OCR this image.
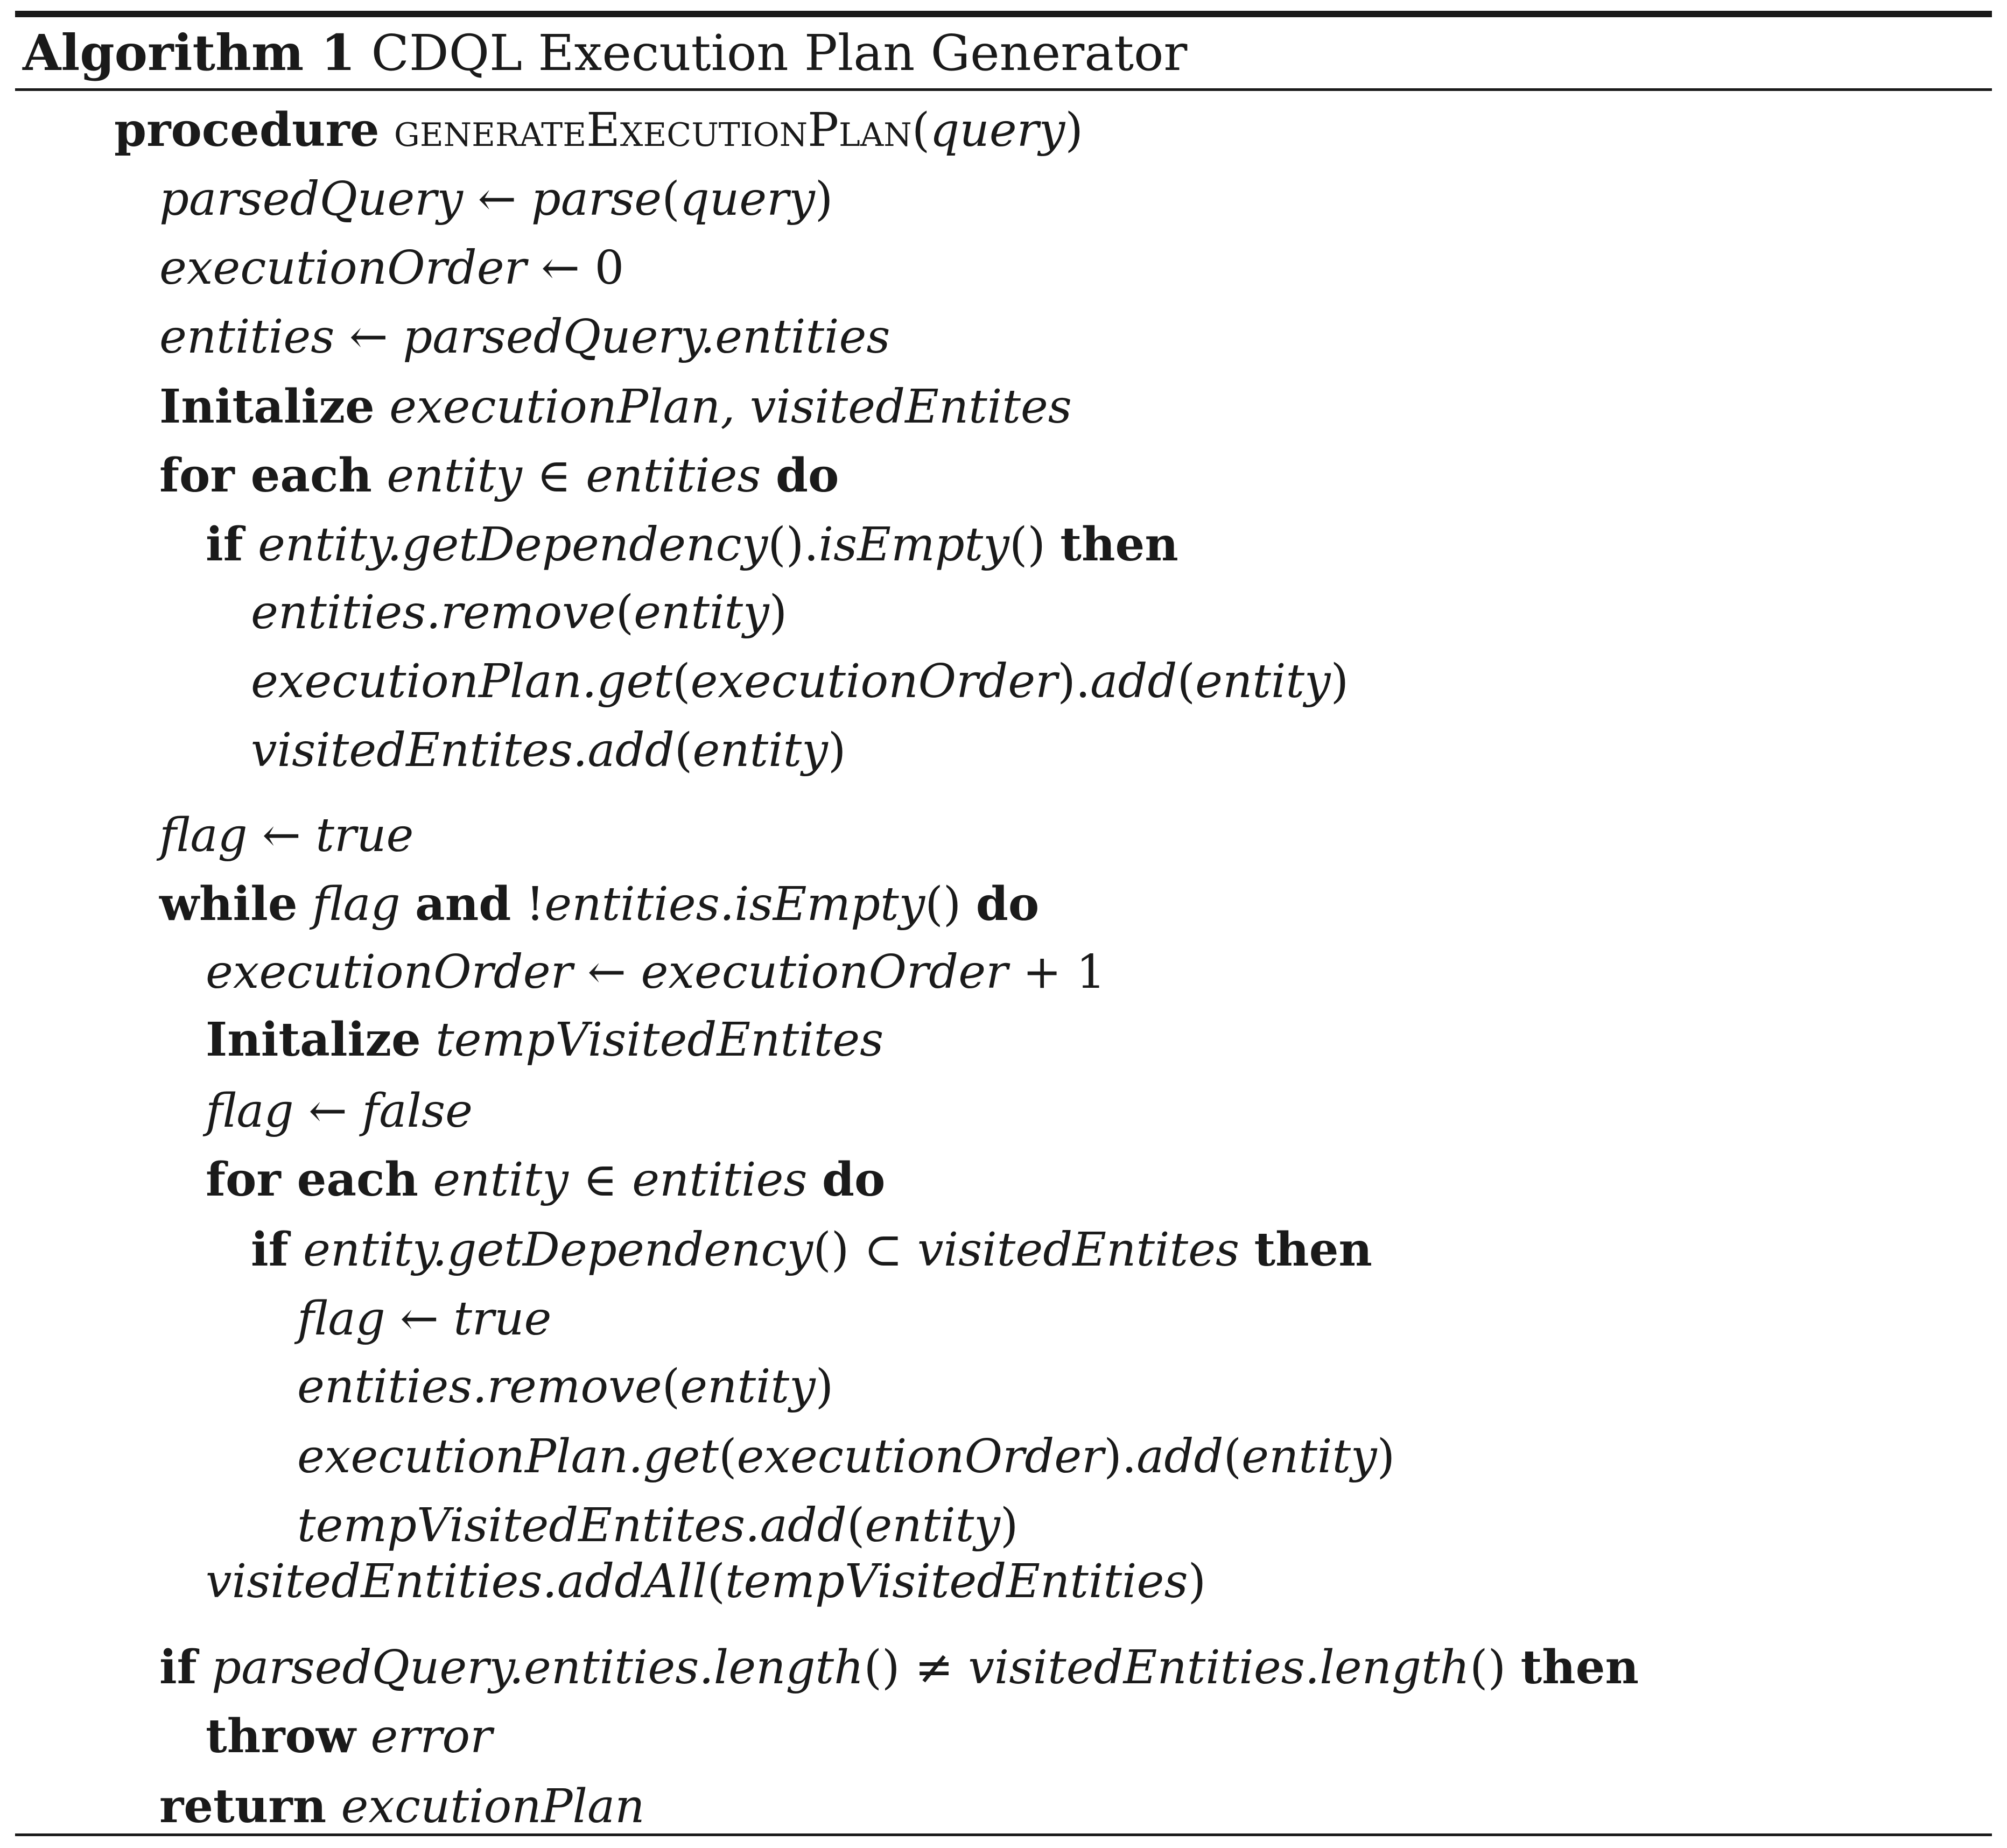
Algorithm 1 CDQL Execution Plan Generator
procedure generateExecutionPlan(query)
parsedQuery ← parse(query)
executionOrder ← 0
entities ← parsedQuery.entities
Initalize executionPlan, visitedEntites
for each entity ∈ entities do
if entity.getDependency().isEmpty() then
entities.remove(entity)
executionPlan.get(executionOrder).add(entity)
visitedEntites.add(entity)
flag ← true
while flag and !entities.isEmpty() do
executionOrder ← executionOrder + 1
Initalize tempVisitedEntites
flag ← false
for each entity ∈ entities do
if entity.getDependency() ⊂ visitedEntites then
flag ← true
entities.remove(entity)
executionPlan.get(executionOrder).add(entity)
tempVisitedEntites.add(entity)
visitedEntities.addAll(tempVisitedEntities)
if parsedQuery.entities.length() ≠ visitedEntities.length() then
throw error
return excutionPlan
